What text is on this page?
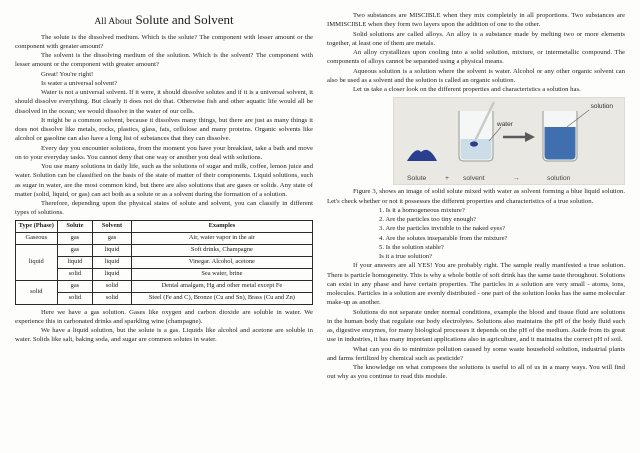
All About Solute and Solvent

The solute is the dissolved medium. Which is the solute? The component with lesser amount or the component with greater amount?

The solvent is the dissolving medium of the solution. Which is the solvent? The component with lesser amount or the component with greater amount?

Great! You're right!

Is water a universal solvent?

Water is not a universal solvent. If it were, it should dissolve solutes and if it is a universal solvent, it should dissolve everything. But clearly it does not do that. Otherwise fish and other aquatic life would all be dissolved in the ocean; we would dissolve in the water of our cells.

It might be a common solvent, because it dissolves many things, but there are just as many things it does not dissolve like metals, rocks, plastics, glass, fats, cellulose and many proteins. Organic solvents like alcohol or gasoline can also have a long list of substances that they can dissolve.

Every day you encounter solutions, from the moment you have your breakfast, take a bath and move on to your everyday tasks. You cannot deny that one way or another you deal with solutions.

You use many solutions in daily life, such as the solutions of sugar and milk, coffee, lemon juice and water. Solution can be classified on the basis of the state of matter of their components. Liquid solutions, such as sugar in water, are the most common kind, but there are also solutions that are gases or solids. Any state of matter (solid, liquid, or gas) can act both as a solute or as a solvent during the formation of a solution.

Therefore, depending upon the physical states of solute and solvent, you can classify in different types of solutions.

Type (Phase)	Solute	Solvent	Examples
Gaseous	gas	gas	Air, water vapor in the air
liquid	gas	liquid	Soft drinks, Champagne
	liquid	liquid	Vinegar. Alcohol, acetone
	solid	liquid	Sea water, brine
solid	gas	solid	Dental amalgam, Hg and other metal except Fe
	solid	solid	Steel (Fe and C), Bronze (Cu and Sn), Brass (Cu and Zn)

Here we have a gas solution. Gases like oxygen and carbon dioxide are soluble in water. We experience this in carbonated drinks and sparkling wine (champagne).

We have a liquid solution, but the solute is a gas. Liquids like alcohol and acetone are soluble in water. Solids like salt, baking soda, and sugar are common solutes in water.

Two substances are MISCIBLE when they mix completely in all proportions. Two substances are IMMISCIBLE when they form two layers upon the addition of one to the other.

Solid solutions are called alloys. An alloy is a substance made by melting two or more elements together, at least one of them are metals.

An alloy crystallizes upon cooling into a solid solution, mixture, or intermetallic compound. The components of alloys cannot be separated using a physical means.

Aqueous solution is a solution where the solvent is water. Alcohol or any other organic solvent can also be used as a solvent and the solution is called an organic solution.

Let us take a closer look on the different properties and characteristics a solution has.

water
solution
Solute	+ solvent	→	solution

Figure 3, shows an image of solid solute mixed with water as solvent forming a blue liquid solution. Let's check whether or not it possesses the different properties and characteristics of a true solution.

1. Is it a homogeneous mixture?
2. Are the particles too tiny enough?
3. Are the particles invisible to the naked eyes?
4. Are the solutes inseparable from the mixture?
5. Is the solution stable?
Is it a true solution?

If your answers are all YES! You are probably right. The sample really manifested a true solution. There is particle homogeneity. This is why a whole bottle of soft drink has the same taste throughout. Solutions can exist in any phase and have certain properties. The particles in a solution are very small - atoms, ions, molecules. Particles in a solution are evenly distributed - one part of the solution looks has the same molecular make-up as another.

Solutions do not separate under normal conditions, example the blood and tissue fluid are solutions in the human body that regulate our body electrolytes. Solutions also maintains the pH of the body fluid such as, digestive enzymes, for many biological processes it depends on the pH of the medium. Aside from its great use in industries, it has many important applications also in agriculture, and it maintains the correct pH of soil.

What can you do to minimize pollution caused by some waste household solution, industrial plants and farms fertilized by chemical such as pesticide?

The knowledge on what composes the solutions is useful to all of us in a many ways. You will find out why as you continue to read this module.
